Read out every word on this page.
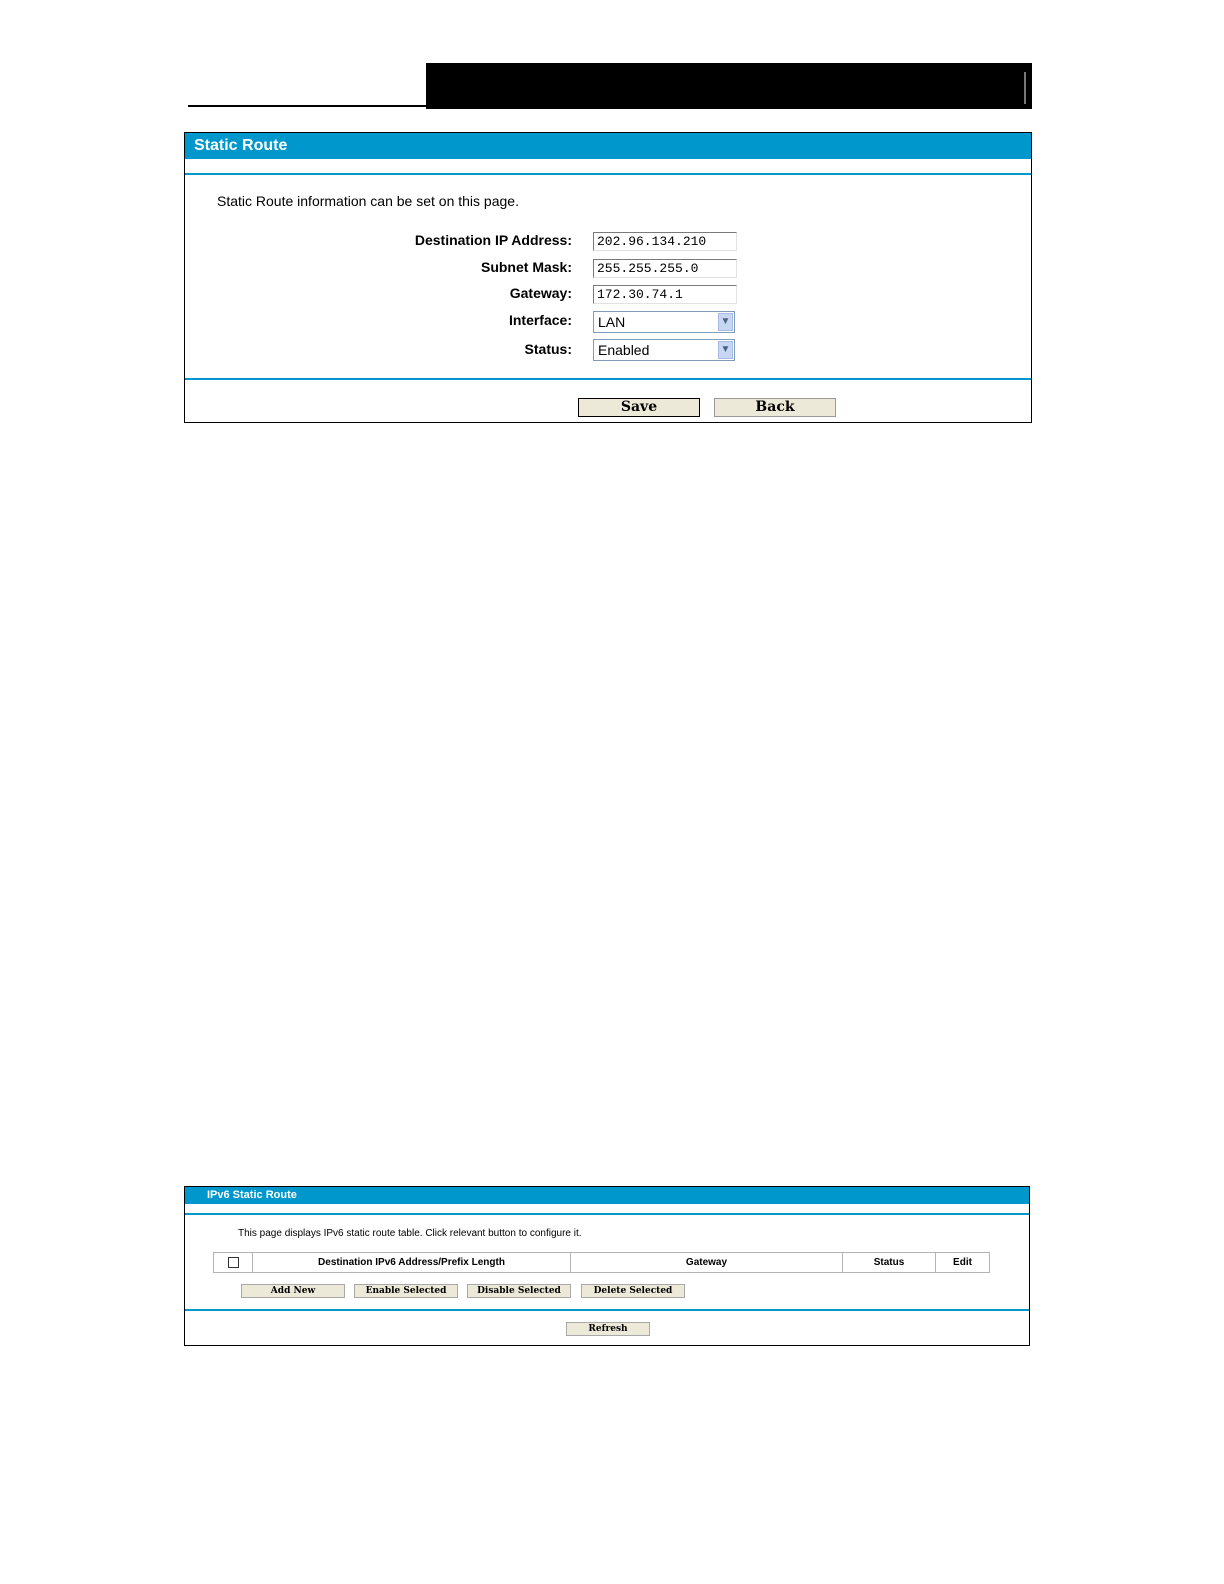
Static Route
Static Route information can be set on this page.
Destination IP Address:	202.96.134.210
Subnet Mask:	255.255.255.0
Gateway:	172.30.74.1
Interface:	LAN	▼
Status:	Enabled	▼
Save	Back
IPv6 Static Route
This page displays IPv6 static route table. Click relevant button to configure it.
	Destination IPv6 Address/Prefix Length	Gateway	Status	Edit
Add New	Enable Selected	Disable Selected	Delete Selected
Refresh
